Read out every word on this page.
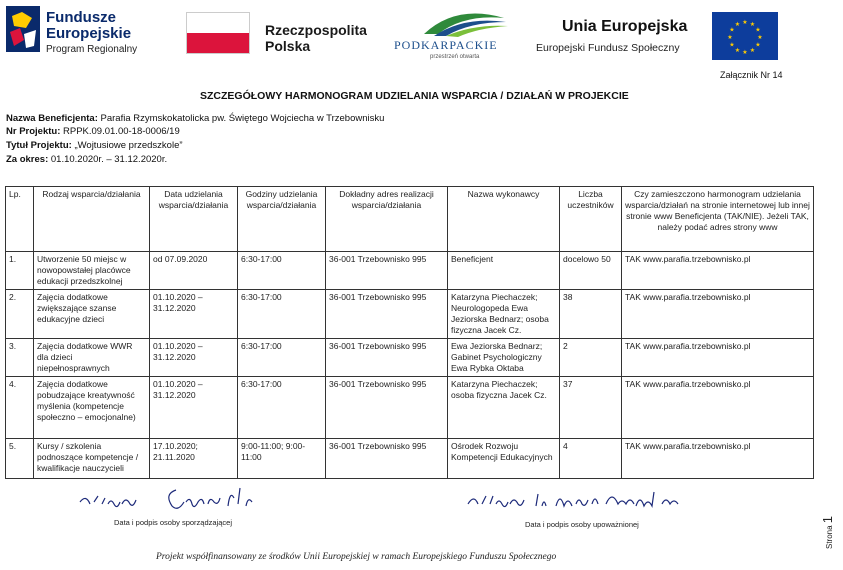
Fundusze
Europejskie
Program Regionalny
Rzeczpospolita
Polska	PODKARPACKIE
przestrzeń otwarta
Unia Europejska
Europejski Fundusz Społeczny
★ ★
★
★
★
★
★
★
★
★
★
★
Załącznik Nr 14
SZCZEGÓŁOWY HARMONOGRAM UDZIELANIA WSPARCIA / DZIAŁAŃ W PROJEKCIE
Nazwa Beneficjenta: Parafia Rzymskokatolicka pw. Świętego Wojciecha w Trzebownisku
Nr Projektu: RPPK.09.01.00-18-0006/19
Tytuł Projektu: „Wojtusiowe przedszkole”
Za okres: 01.10.2020r. – 31.12.2020r.
Lp.	Rodzaj wsparcia/działania	Data udzielania wsparcia/działania	Godziny udzielania wsparcia/działania	Dokładny adres realizacji wsparcia/działania	Nazwa wykonawcy	Liczba uczestników	Czy zamieszczono harmonogram udzielania wsparcia/działań na stronie internetowej lub innej stronie www Beneficjenta (TAK/NIE). Jeżeli TAK, należy podać adres strony www
1.	Utworzenie 50 miejsc w nowopowstałej placówce edukacji przedszkolnej	od 07.09.2020	6:30-17:00	36-001 Trzebownisko 995	Beneficjent	docelowo 50	TAK www.parafia.trzebownisko.pl
2.	Zajęcia dodatkowe zwiększające szanse edukacyjne dzieci	01.10.2020 – 31.12.2020	6:30-17:00	36-001 Trzebownisko 995	Katarzyna Piechaczek; Neurologopeda Ewa Jeziorska Bednarz; osoba fizyczna Jacek Cz.	38	TAK www.parafia.trzebownisko.pl
3.	Zajęcia dodatkowe WWR dla dzieci niepełnosprawnych	01.10.2020 – 31.12.2020	6:30-17:00	36-001 Trzebownisko 995	Ewa Jeziorska Bednarz; Gabinet Psychologiczny Ewa Rybka Oktaba	2	TAK www.parafia.trzebownisko.pl
4.	Zajęcia dodatkowe pobudzające kreatywność myślenia (kompetencje społeczno – emocjonalne)	01.10.2020 – 31.12.2020	6:30-17:00	36-001 Trzebownisko 995	Katarzyna Piechaczek; osoba fizyczna Jacek Cz.	37	TAK www.parafia.trzebownisko.pl
5.	Kursy / szkolenia podnoszące kompetencje / kwalifikacje nauczycieli	17.10.2020; 21.11.2020	9:00-11:00; 9:00-11:00	36-001 Trzebownisko 995	Ośrodek Rozwoju Kompetencji Edukacyjnych	4	TAK www.parafia.trzebownisko.pl
Data i podpis osoby sporządzającej	Data i podpis osoby upoważnionej
Projekt współfinansowany ze środków Unii Europejskiej w ramach Europejskiego Funduszu Społecznego
Strona 1
